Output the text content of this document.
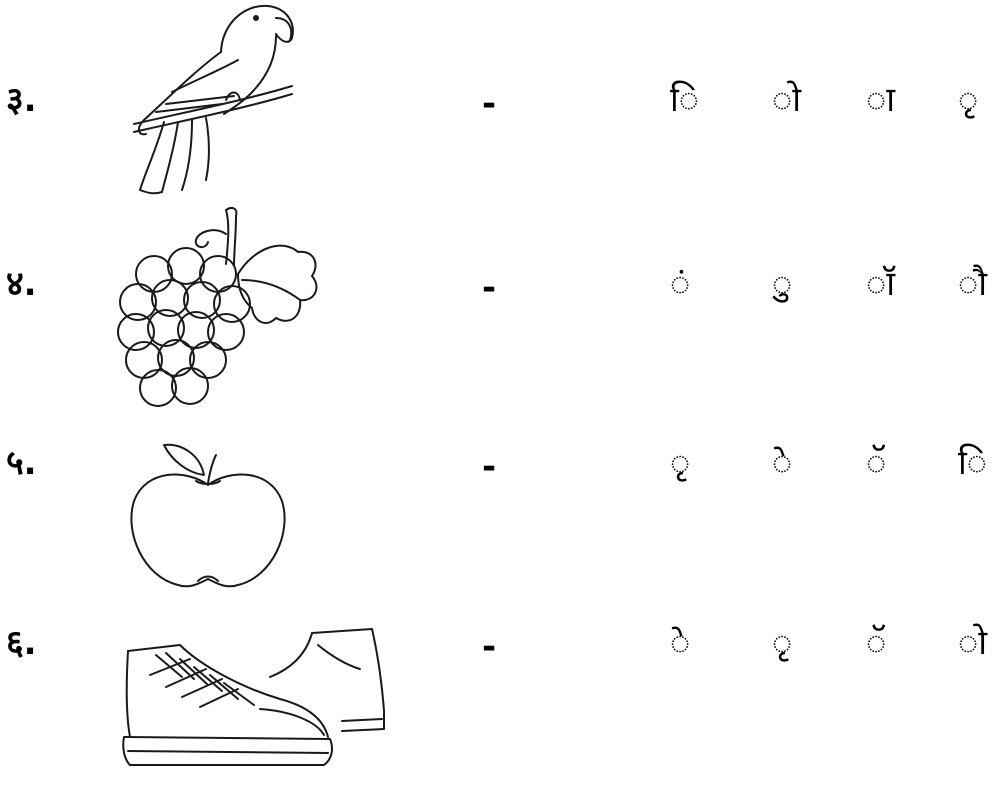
३.	-	ि ो ा ृ
४.	-	ं ु ॉ ौ
५.	-	ृ े ॅ ि
६.	-	े ृ ॅ ो
